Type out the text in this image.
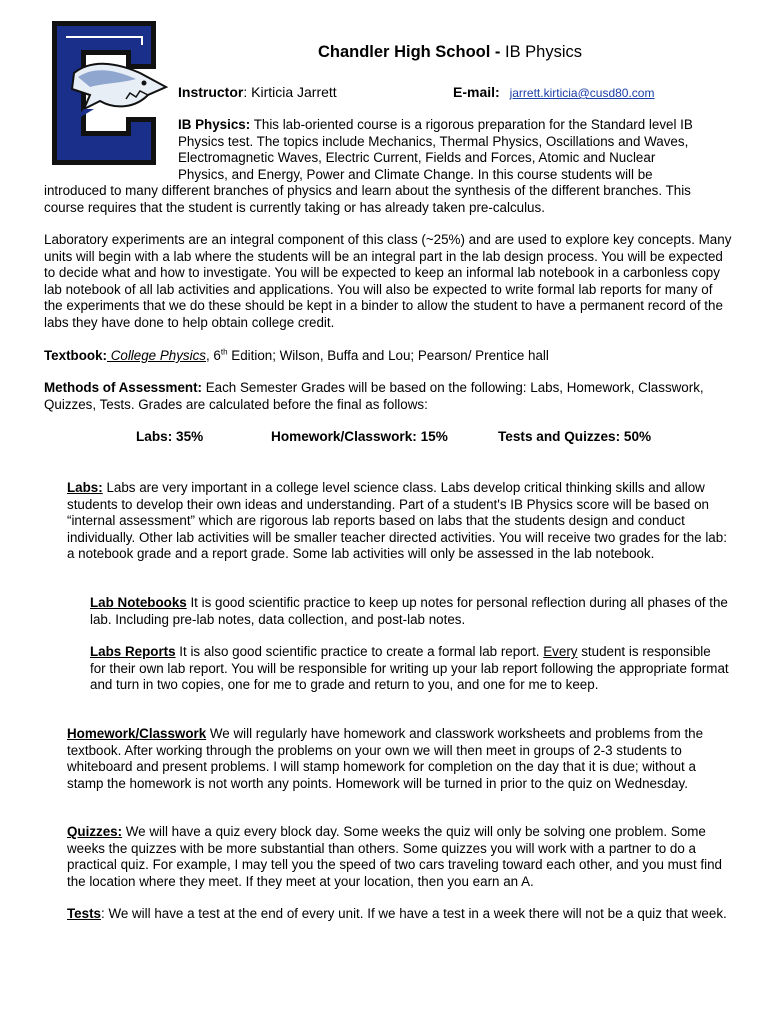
Chandler High School - IB Physics
Instructor: Kirticia Jarrett	E-mail: jarrett.kirticia@cusd80.com
IB Physics: This lab-oriented course is a rigorous preparation for the Standard level IB
Physics test. The topics include Mechanics, Thermal Physics, Oscillations and Waves,
Electromagnetic Waves, Electric Current, Fields and Forces, Atomic and Nuclear
Physics, and Energy, Power and Climate Change. In this course students will be

introduced to many different branches of physics and learn about the synthesis of the different branches. This course requires that the student is currently taking or has already taken pre-calculus.

Laboratory experiments are an integral component of this class (~25%) and are used to explore key concepts. Many units will begin with a lab where the students will be an integral part in the lab design process. You will be expected to decide what and how to investigate. You will be expected to keep an informal lab notebook in a carbonless copy lab notebook of all lab activities and applications. You will also be expected to write formal lab reports for many of the experiments that we do these should be kept in a binder to allow the student to have a permanent record of the labs they have done to help obtain college credit.

Textbook: College Physics, 6th Edition; Wilson, Buffa and Lou; Pearson/ Prentice hall

Methods of Assessment: Each Semester Grades will be based on the following: Labs, Homework, Classwork, Quizzes, Tests. Grades are calculated before the final as follows:

Labs: 35%	Homework/Classwork: 15%	Tests and Quizzes: 50%

Labs: Labs are very important in a college level science class. Labs develop critical thinking skills and allow students to develop their own ideas and understanding. Part of a student's IB Physics score will be based on “internal assessment” which are rigorous lab reports based on labs that the students design and conduct individually. Other lab activities will be smaller teacher directed activities. You will receive two grades for the lab: a notebook grade and a report grade. Some lab activities will only be assessed in the lab notebook.

Lab Notebooks It is good scientific practice to keep up notes for personal reflection during all phases of the lab. Including pre-lab notes, data collection, and post-lab notes.

Labs Reports It is also good scientific practice to create a formal lab report. Every student is responsible for their own lab report. You will be responsible for writing up your lab report following the appropriate format and turn in two copies, one for me to grade and return to you, and one for me to keep.

Homework/Classwork We will regularly have homework and classwork worksheets and problems from the textbook. After working through the problems on your own we will then meet in groups of 2-3 students to whiteboard and present problems. I will stamp homework for completion on the day that it is due; without a stamp the homework is not worth any points. Homework will be turned in prior to the quiz on Wednesday.

Quizzes: We will have a quiz every block day. Some weeks the quiz will only be solving one problem. Some weeks the quizzes with be more substantial than others. Some quizzes you will work with a partner to do a practical quiz. For example, I may tell you the speed of two cars traveling toward each other, and you must find the location where they meet. If they meet at your location, then you earn an A.

Tests: We will have a test at the end of every unit. If we have a test in a week there will not be a quiz that week.
